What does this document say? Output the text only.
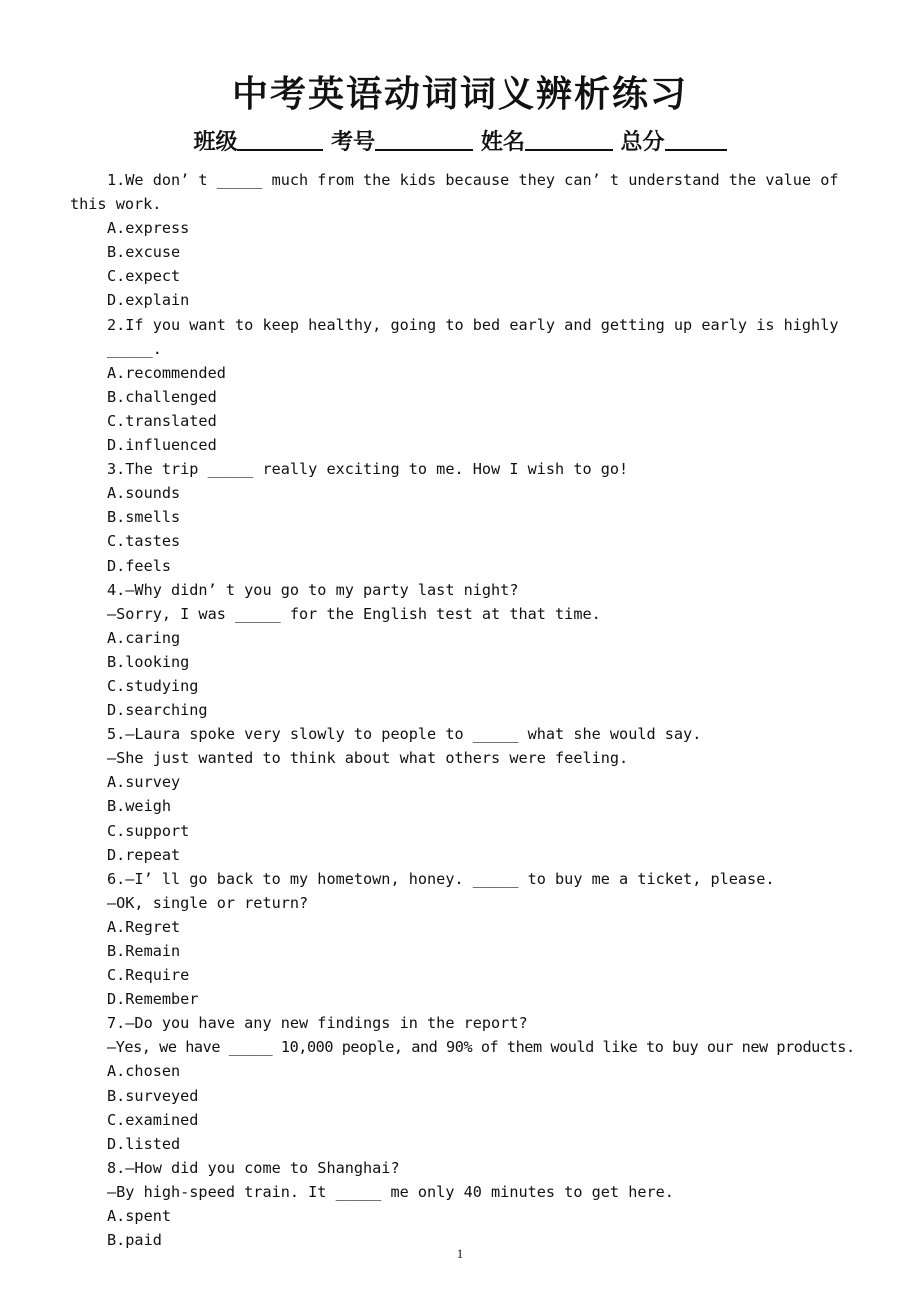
中考英语动词词义辨析练习
班级	考号	姓名	总分
1.We don’ t _____ much from the kids because they can’ t understand the value of this work.
A.express
B.excuse
C.expect
D.explain
2.If you want to keep healthy, going to bed early and getting up early is highly _____.
A.recommended
B.challenged
C.translated
D.influenced
3.The trip _____ really exciting to me. How I wish to go!
A.sounds
B.smells
C.tastes
D.feels
4.—Why didn’ t you go to my party last night?
—Sorry, I was _____ for the English test at that time.
A.caring
B.looking
C.studying
D.searching
5.—Laura spoke very slowly to people to _____ what she would say.
—She just wanted to think about what others were feeling.
A.survey
B.weigh
C.support
D.repeat
6.—I’ ll go back to my hometown, honey. _____ to buy me a ticket, please.
—OK, single or return?
A.Regret
B.Remain
C.Require
D.Remember
7.—Do you have any new findings in the report?
—Yes, we have _____ 10,000 people, and 90% of them would like to buy our new products.
A.chosen
B.surveyed
C.examined
D.listed
8.—How did you come to Shanghai?
—By high-speed train. It _____ me only 40 minutes to get here.
A.spent
B.paid
1
